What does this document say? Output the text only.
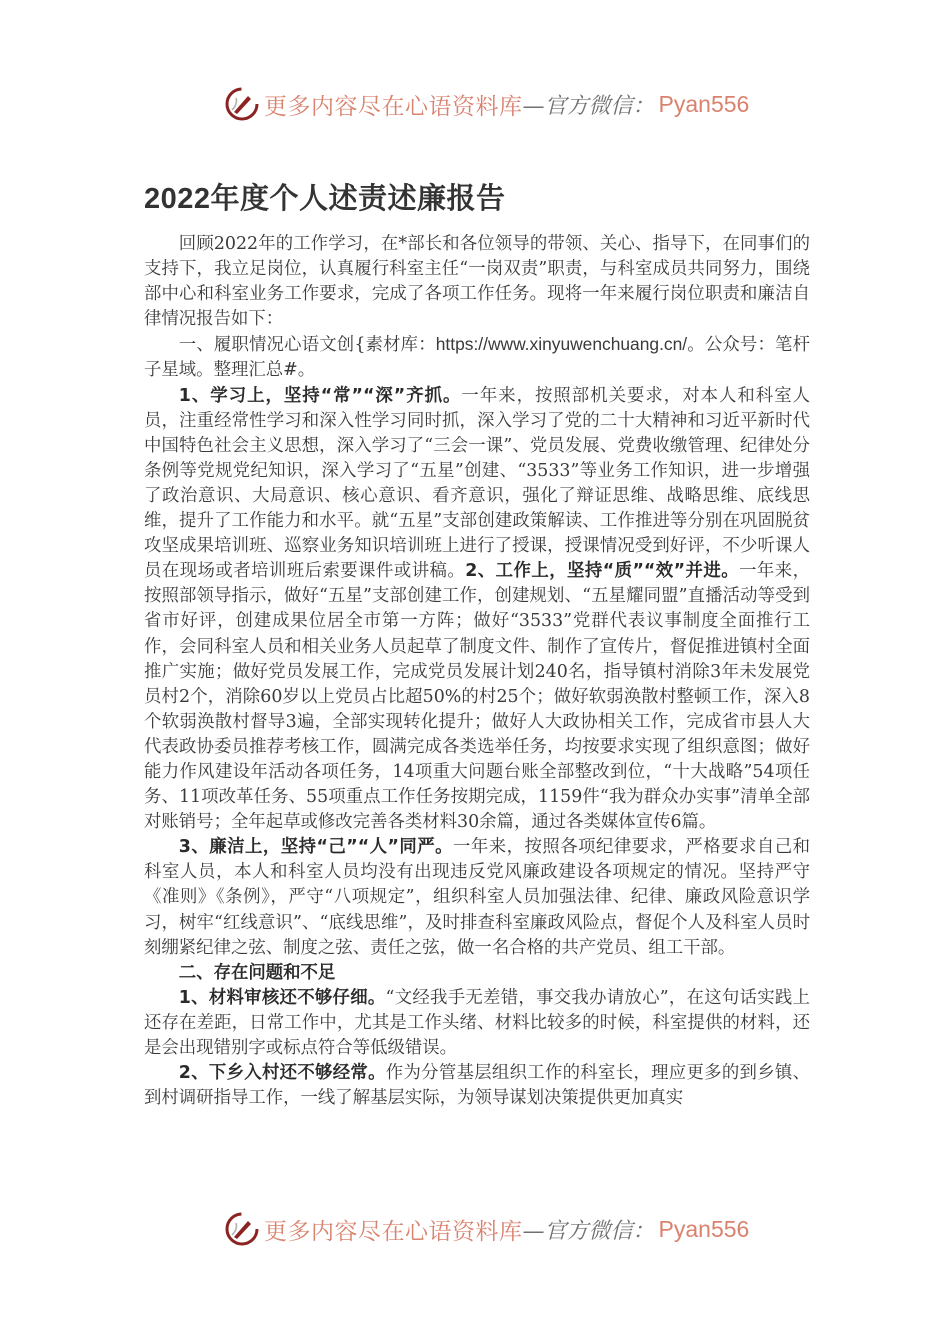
更多内容尽在心语资料库 —官方微信： Pyan556
2022年度个人述责述廉报告

回顾2022年的工作学习，在*部长和各位领导的带领、关心、指导下，在同事们的支持下，我立足岗位，认真履行科室主任“一岗双责”职责，与科室成员共同努力，围绕部中心和科室业务工作要求，完成了各项工作任务。现将一年来履行岗位职责和廉洁自律情况报告如下：

一、履职情况心语文创{素材库：https://www.xinyuwenchuang.cn/。公众号：笔杆子星域。整理汇总#。

1、学习上，坚持“常”“深”齐抓。一年来，按照部机关要求，对本人和科室人员，注重经常性学习和深入性学习同时抓，深入学习了党的二十大精神和习近平新时代中国特色社会主义思想，深入学习了“三会一课”、党员发展、党费收缴管理、纪律处分条例等党规党纪知识，深入学习了“五星”创建、“3533”等业务工作知识，进一步增强了政治意识、大局意识、核心意识、看齐意识，强化了辩证思维、战略思维、底线思维，提升了工作能力和水平。就“五星”支部创建政策解读、工作推进等分别在巩固脱贫攻坚成果培训班、巡察业务知识培训班上进行了授课，授课情况受到好评，不少听课人员在现场或者培训班后索要课件或讲稿。2、工作上，坚持“质”“效”并进。一年来，按照部领导指示，做好“五星”支部创建工作，创建规划、“五星耀同盟”直播活动等受到省市好评，创建成果位居全市第一方阵；做好“3533”党群代表议事制度全面推行工作，会同科室人员和相关业务人员起草了制度文件、制作了宣传片，督促推进镇村全面推广实施；做好党员发展工作，完成党员发展计划240名，指导镇村消除3年未发展党员村2个，消除60岁以上党员占比超50%的村25个；做好软弱涣散村整顿工作，深入8个软弱涣散村督导3遍，全部实现转化提升；做好人大政协相关工作，完成省市县人大代表政协委员推荐考核工作，圆满完成各类选举任务，均按要求实现了组织意图；做好能力作风建设年活动各项任务，14项重大问题台账全部整改到位，“十大战略”54项任务、11项改革任务、55项重点工作任务按期完成，1159件“我为群众办实事”清单全部对账销号；全年起草或修改完善各类材料30余篇，通过各类媒体宣传6篇。

3、廉洁上，坚持“己”“人”同严。一年来，按照各项纪律要求，严格要求自己和科室人员，本人和科室人员均没有出现违反党风廉政建设各项规定的情况。坚持严守《准则》《条例》，严守“八项规定”，组织科室人员加强法律、纪律、廉政风险意识学习，树牢“红线意识”、“底线思维”，及时排查科室廉政风险点，督促个人及科室人员时刻绷紧纪律之弦、制度之弦、责任之弦，做一名合格的共产党员、组工干部。

二、存在问题和不足

1、材料审核还不够仔细。“文经我手无差错，事交我办请放心”，在这句话实践上还存在差距，日常工作中，尤其是工作头绪、材料比较多的时候，科室提供的材料，还是会出现错别字或标点符合等低级错误。

2、下乡入村还不够经常。作为分管基层组织工作的科室长，理应更多的到乡镇、到村调研指导工作，一线了解基层实际，为领导谋划决策提供更加真实

更多内容尽在心语资料库 —官方微信： Pyan556
